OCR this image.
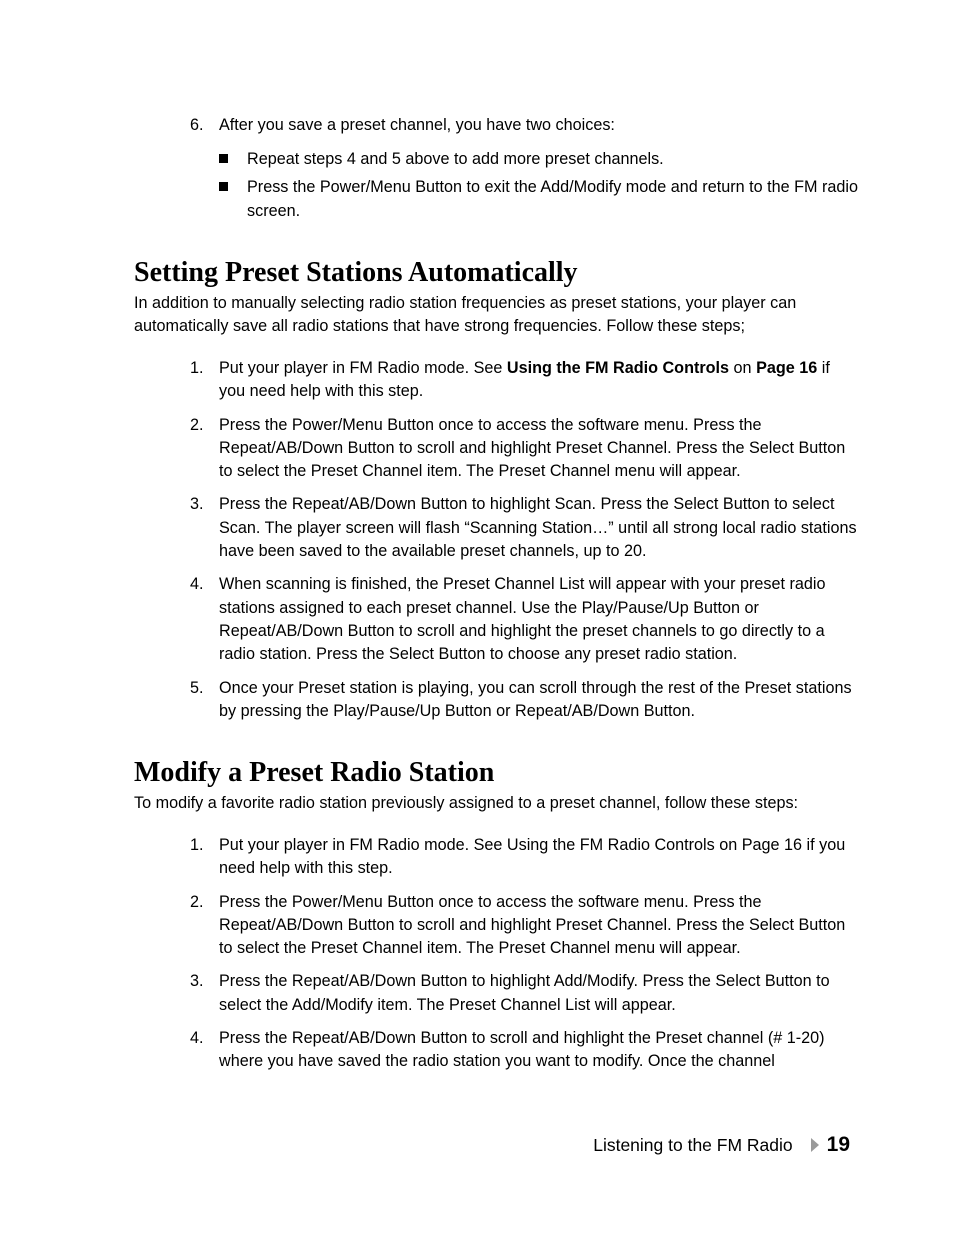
6. After you save a preset channel, you have two choices:
Repeat steps 4 and 5 above to add more preset channels.
Press the Power/Menu Button to exit the Add/Modify mode and return to the FM radio screen.
Setting Preset Stations Automatically

In addition to manually selecting radio station frequencies as preset stations, your player can automatically save all radio stations that have strong frequencies. Follow these steps;

1. Put your player in FM Radio mode. See Using the FM Radio Controls on Page 16 if you need help with this step.
2. Press the Power/Menu Button once to access the software menu. Press the Repeat/AB/Down Button to scroll and highlight Preset Channel. Press the Select Button to select the Preset Channel item. The Preset Channel menu will appear.
3. Press the Repeat/AB/Down Button to highlight Scan. Press the Select Button to select Scan. The player screen will flash “Scanning Station…” until all strong local radio stations have been saved to the available preset channels, up to 20.
4. When scanning is finished, the Preset Channel List will appear with your preset radio stations assigned to each preset channel. Use the Play/Pause/Up Button or Repeat/AB/Down Button to scroll and highlight the preset channels to go directly to a radio station. Press the Select Button to choose any preset radio station.
5. Once your Preset station is playing, you can scroll through the rest of the Preset stations by pressing the Play/Pause/Up Button or Repeat/AB/Down Button.
Modify a Preset Radio Station

To modify a favorite radio station previously assigned to a preset channel, follow these steps:

1. Put your player in FM Radio mode. See Using the FM Radio Controls on Page 16 if you need help with this step.
2. Press the Power/Menu Button once to access the software menu. Press the Repeat/AB/Down Button to scroll and highlight Preset Channel. Press the Select Button to select the Preset Channel item. The Preset Channel menu will appear.
3. Press the Repeat/AB/Down Button to highlight Add/Modify. Press the Select Button to select the Add/Modify item. The Preset Channel List will appear.
4. Press the Repeat/AB/Down Button to scroll and highlight the Preset channel (# 1-20) where you have saved the radio station you want to modify. Once the channel
Listening to the FM Radio 19
